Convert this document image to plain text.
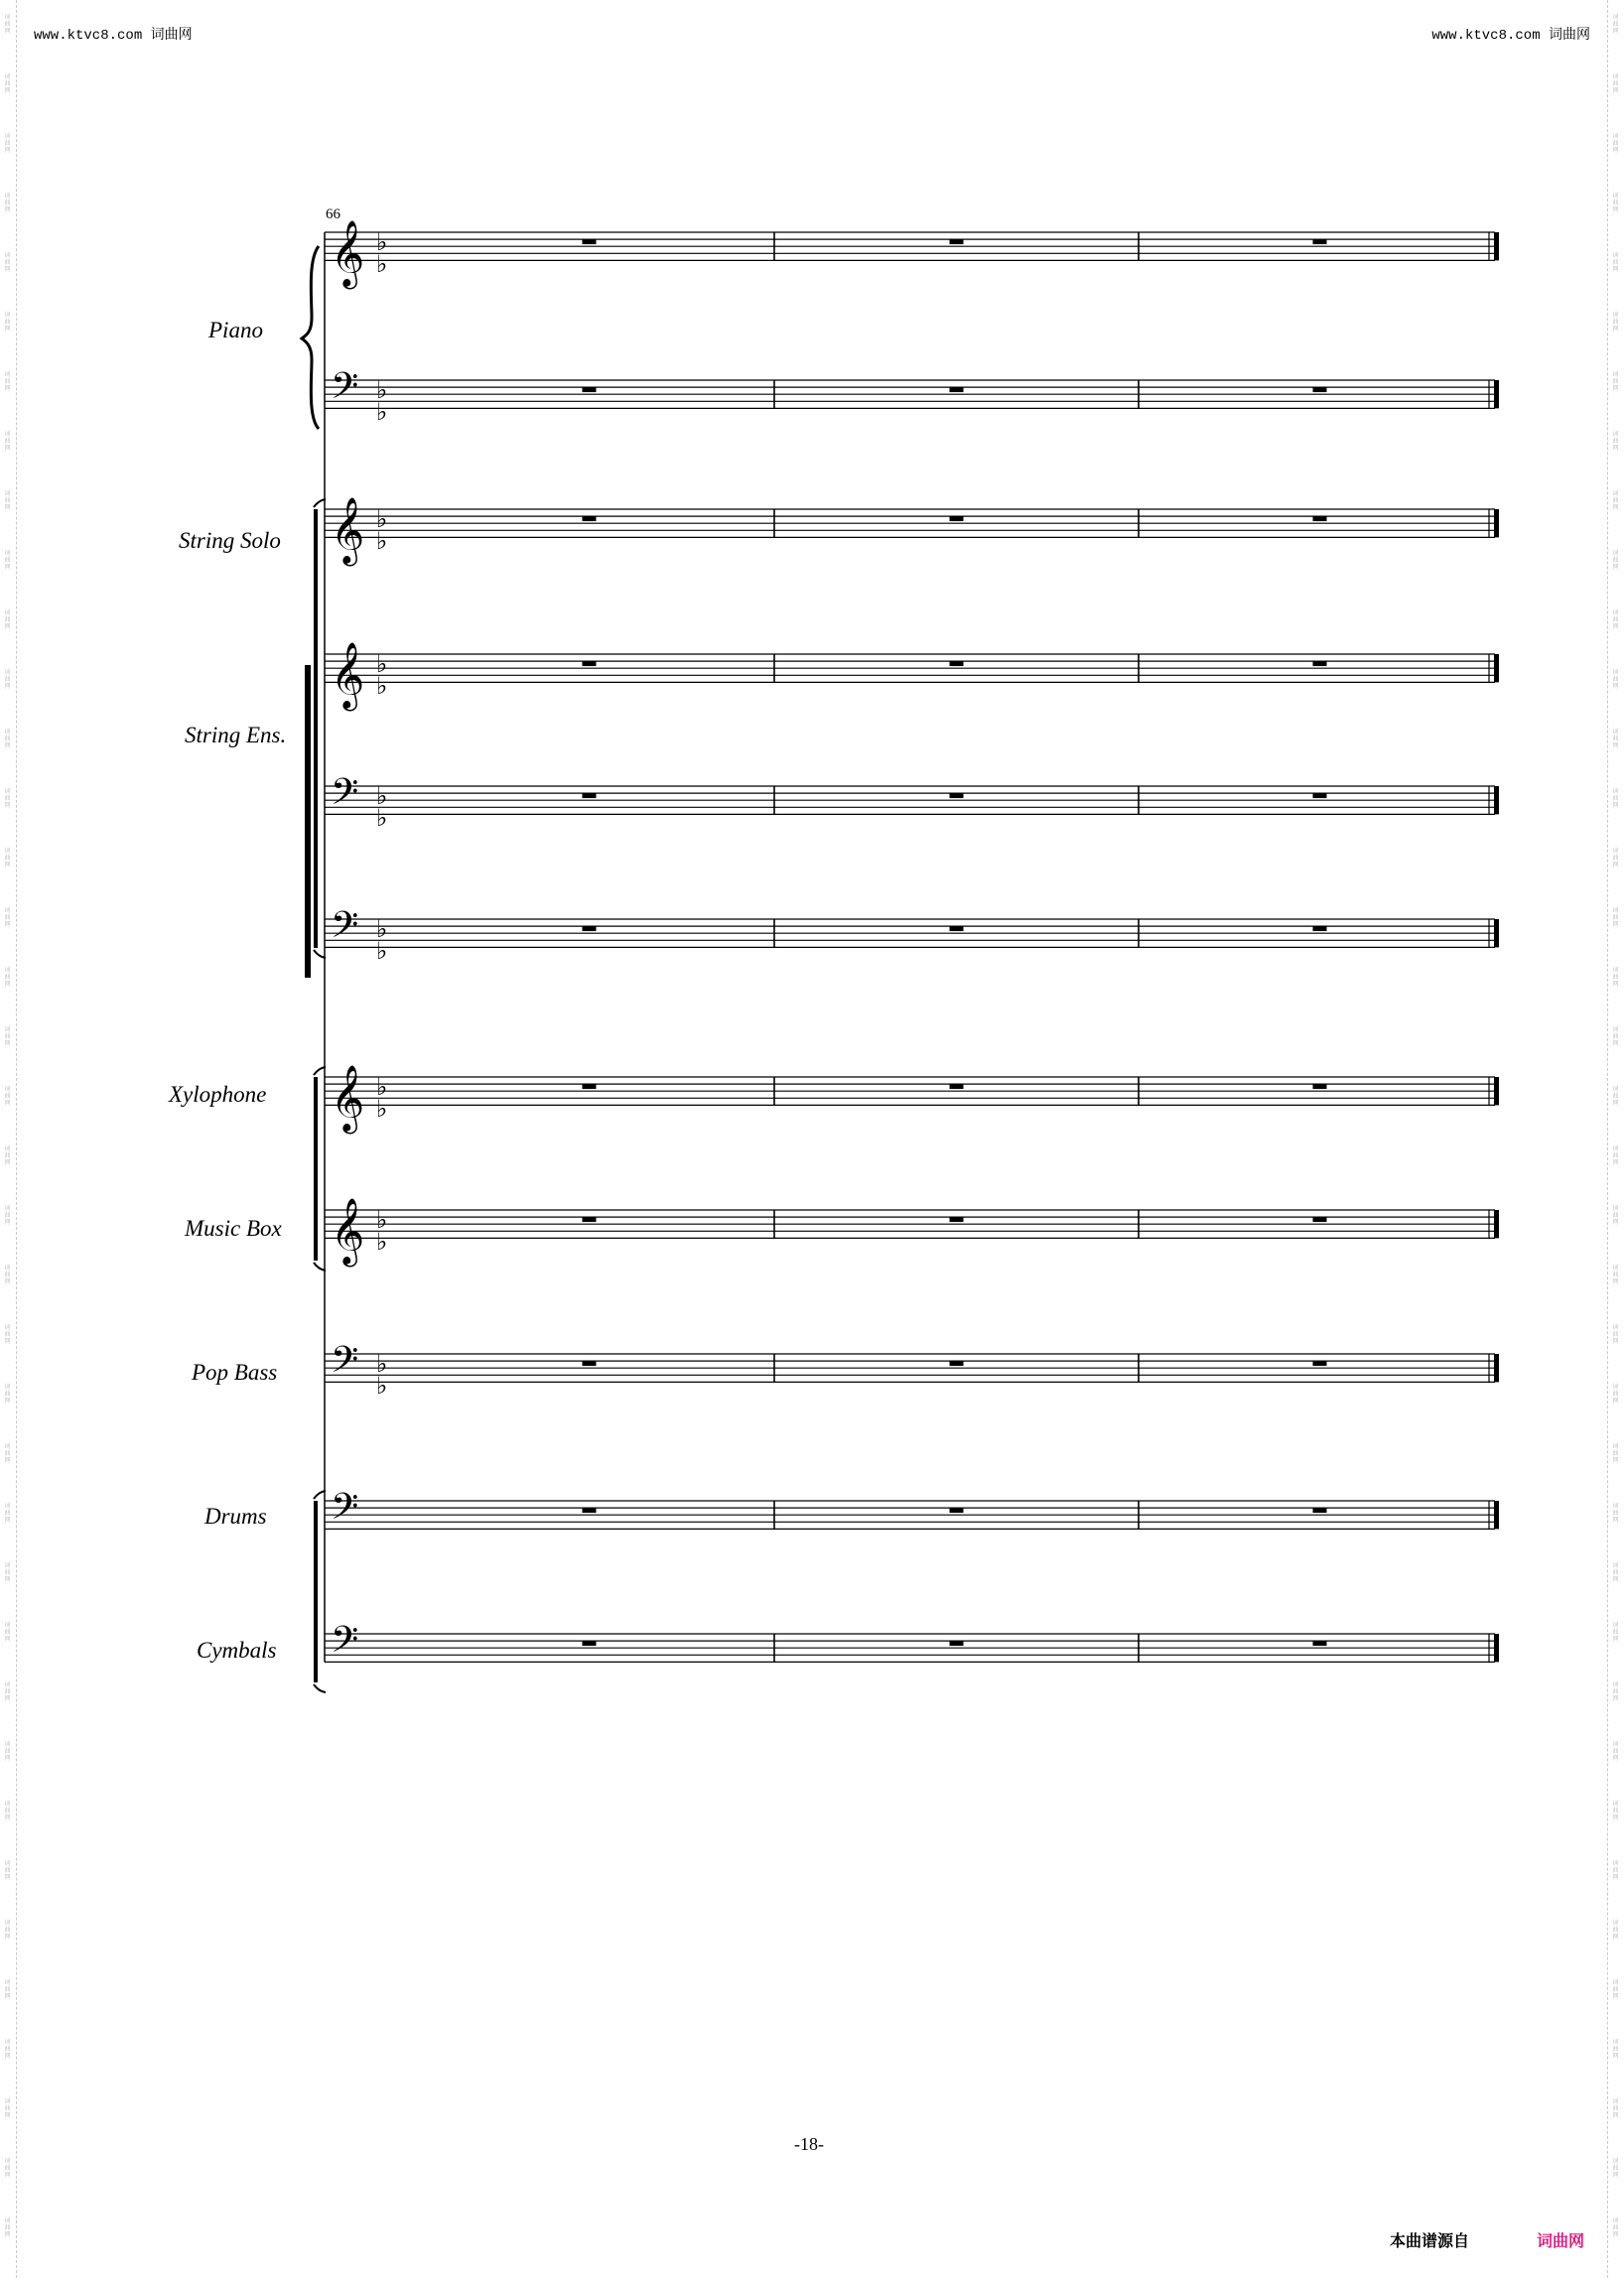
词曲网
词曲网
词曲网
词曲网
词曲网
词曲网
词曲网
词曲网
词曲网
词曲网
词曲网
词曲网
词曲网
词曲网
词曲网
词曲网
词曲网
词曲网
词曲网
词曲网
词曲网
词曲网
词曲网
词曲网
词曲网
词曲网
词曲网
词曲网
词曲网
词曲网
词曲网
词曲网
词曲网
词曲网
词曲网
词曲网
词曲网
词曲网
词曲网
词曲网
词曲网
词曲网
词曲网
词曲网
词曲网
词曲网
词曲网
词曲网
词曲网
词曲网
词曲网
词曲网
词曲网
词曲网
词曲网
词曲网
词曲网
词曲网
词曲网
词曲网
词曲网
词曲网
词曲网
词曲网
词曲网
词曲网
词曲网
词曲网
词曲网
词曲网
词曲网
词曲网
词曲网
词曲网
词曲网
词曲网
www.ktvc8.com 词曲网	www.ktvc8.com 词曲网
𝄞 ♭
♭
𝄢 ♭
♭
𝄞 ♭
♭
𝄞 ♭
♭
𝄢 ♭
♭
𝄢 ♭
♭
𝄞 ♭
♭
𝄞 ♭
♭
𝄢 ♭
♭
𝄢
𝄢
66
Piano
String Solo
String Ens.
Xylophone
Music Box
Pop Bass
Drums
Cymbals
-18-
本曲谱源自	词曲网
